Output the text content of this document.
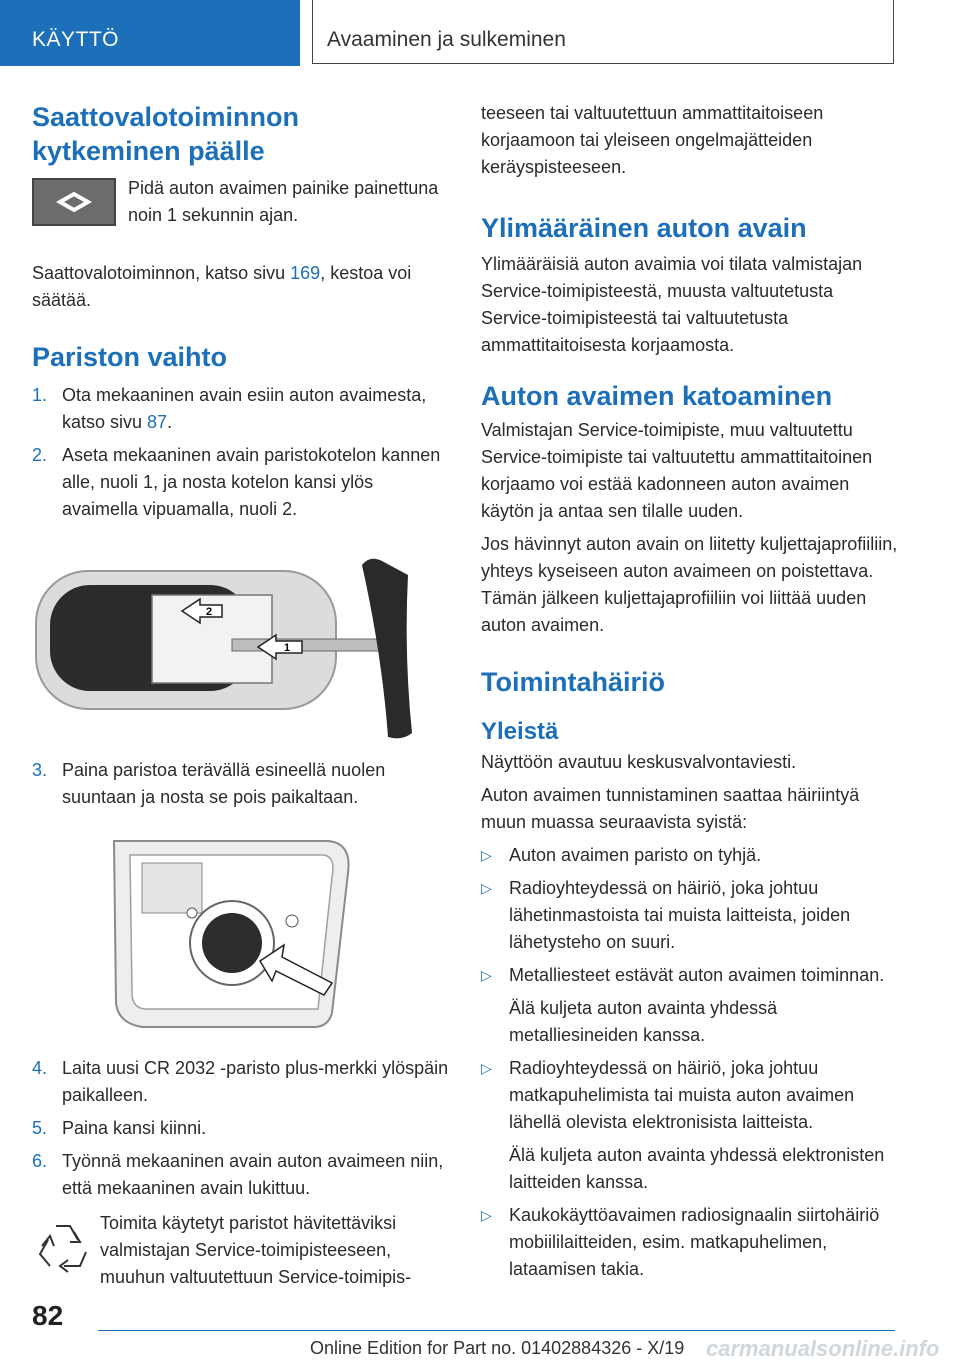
KÄYTTÖ	Avaaminen ja sulkeminen
Saattovalotoiminnon kytkeminen päälle

Pidä auton avaimen painike painettuna noin 1 sekunnin ajan.

Saattovalotoiminnon, katso sivu 169, kestoa voi säätää.

Pariston vaihto
1. Ota mekaaninen avain esiin auton avaimesta, katso sivu 87.
2. Aseta mekaaninen avain paristokotelon kannen alle, nuoli 1, ja nosta kotelon kansi ylös avaimella vipuamalla, nuoli 2.
2
1
3. Paina paristoa terävällä esineellä nuolen suuntaan ja nosta se pois paikaltaan.
4. Laita uusi CR 2032 -paristo plus-merkki ylöspäin paikalleen.
5. Paina kansi kiinni.
6. Työnnä mekaaninen avain auton avaimeen niin, että mekaaninen avain lukittuu.

Toimita käytetyt paristot hävitettäviksi valmistajan Service-toimipisteeseen, muuhun valtuutettuun Service-toimipis-

teeseen tai valtuutettuun ammattitaitoiseen korjaamoon tai yleiseen ongelmajätteiden keräyspisteeseen.

Ylimääräinen auton avain

Ylimääräisiä auton avaimia voi tilata valmistajan Service-toimipisteestä, muusta valtuutetusta Service-toimipisteestä tai valtuutetusta ammattitaitoisesta korjaamosta.

Auton avaimen katoaminen

Valmistajan Service-toimipiste, muu valtuutettu Service-toimipiste tai valtuutettu ammattitaitoinen korjaamo voi estää kadonneen auton avaimen käytön ja antaa sen tilalle uuden.

Jos hävinnyt auton avain on liitetty kuljettajaprofiiliin, yhteys kyseiseen auton avaimeen on poistettava. Tämän jälkeen kuljettajaprofiiliin voi liittää uuden auton avaimen.

Toimintahäiriö
Yleistä

Näyttöön avautuu keskusvalvontaviesti.

Auton avaimen tunnistaminen saattaa häiriintyä muun muassa seuraavista syistä:

▷ Auton avaimen paristo on tyhjä.
▷ Radioyhteydessä on häiriö, joka johtuu lähetinmastoista tai muista laitteista, joiden lähetysteho on suuri.
▷ Metalliesteet estävät auton avaimen toiminnan.

Älä kuljeta auton avainta yhdessä metalliesineiden kanssa.

▷ Radioyhteydessä on häiriö, joka johtuu matkapuhelimista tai muista auton avaimen lähellä olevista elektronisista laitteista.

Älä kuljeta auton avainta yhdessä elektronisten laitteiden kanssa.

▷ Kaukokäyttöavaimen radiosignaalin siirtohäiriö mobiililaitteiden, esim. matkapuhelimen, lataamisen takia.
82
Online Edition for Part no. 01402884326 - X/19 carmanualsonline.info
